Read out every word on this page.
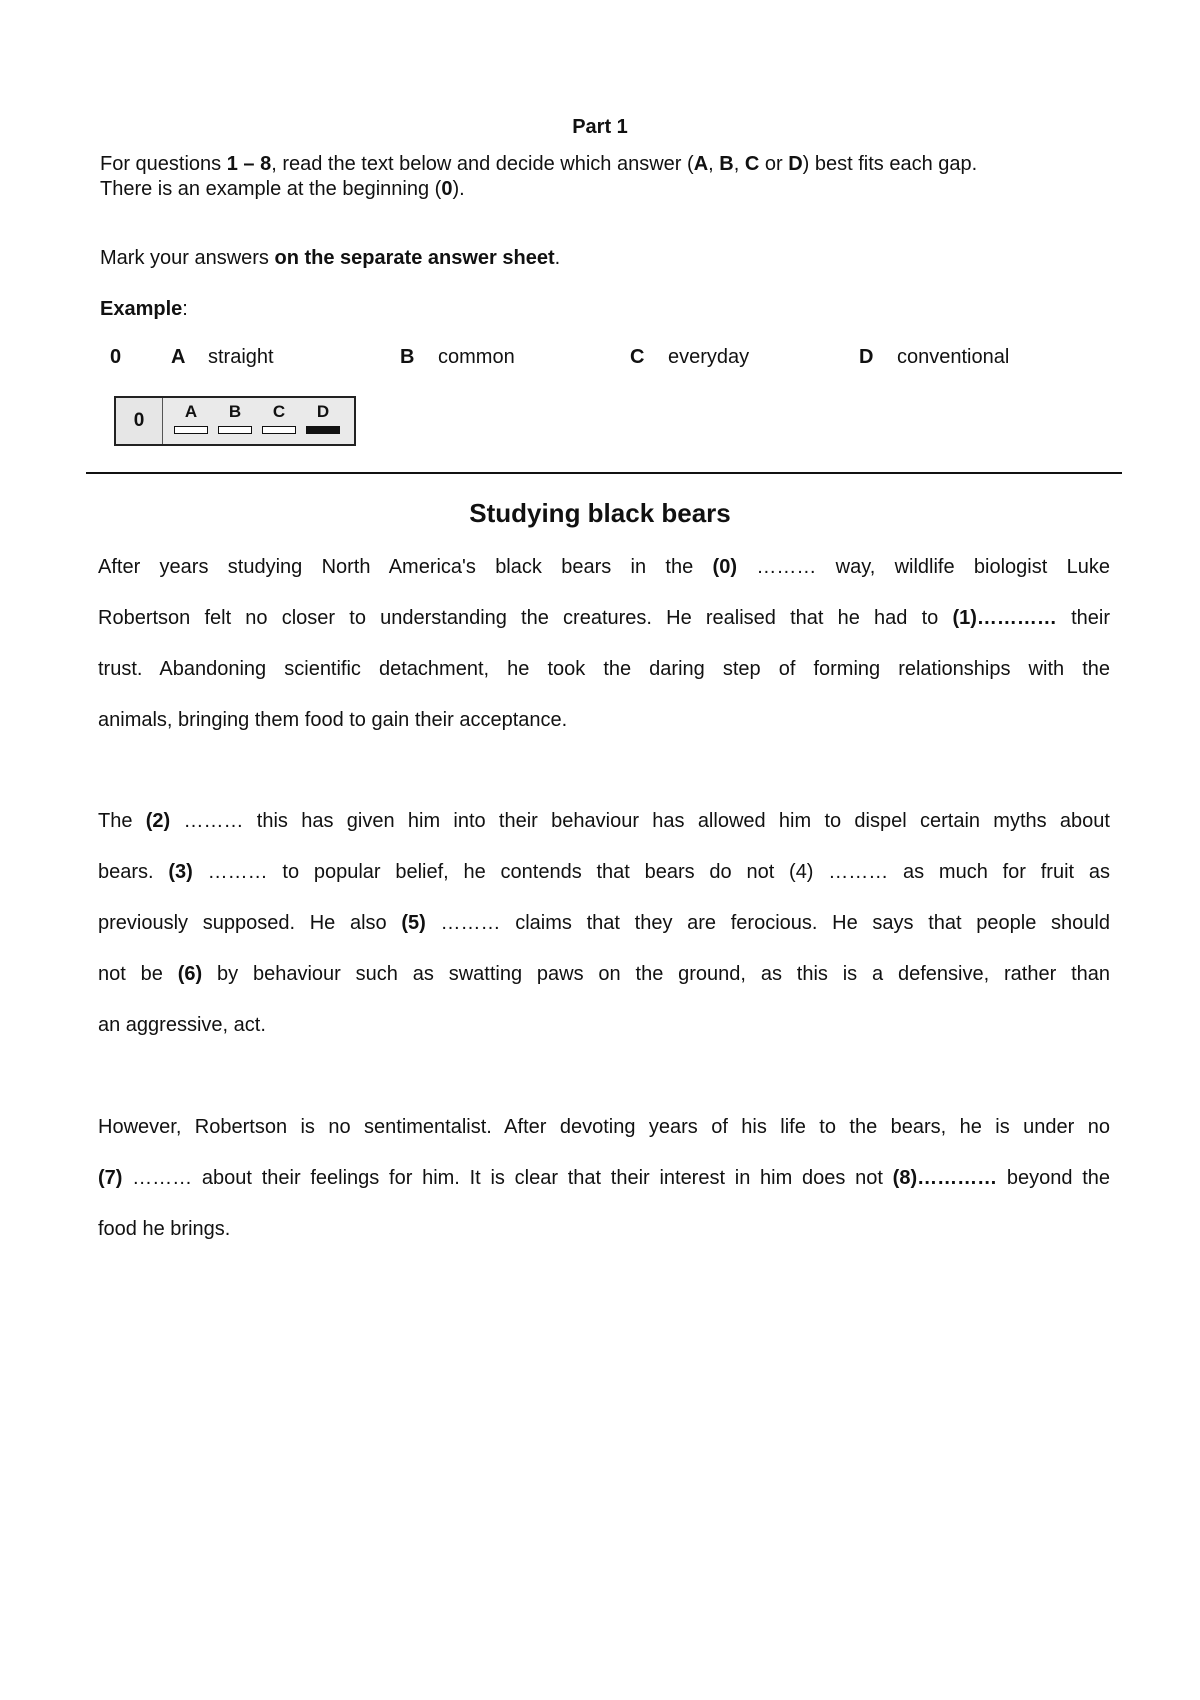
Part 1
For questions 1 – 8, read the text below and decide which answer (A, B, C or D) best fits each gap.
There is an example at the beginning (0).
Mark your answers on the separate answer sheet.
Example:
0 A straight	B common	C everyday	D conventional
0	A	B	C	D
Studying black bears
After years studying North America's black bears in the (0) ……… way, wildlife biologist Luke
Robertson felt no closer to understanding the creatures. He realised that he had to (1)………… their
trust. Abandoning scientific detachment, he took the daring step of forming relationships with the
animals, bringing them food to gain their acceptance.
The (2) ……… this has given him into their behaviour has allowed him to dispel certain myths about
bears. (3) ……… to popular belief, he contends that bears do not (4) ……… as much for fruit as
previously supposed. He also (5) ……… claims that they are ferocious. He says that people should
not be (6) by behaviour such as swatting paws on the ground, as this is a defensive, rather than
an aggressive, act.
However, Robertson is no sentimentalist. After devoting years of his life to the bears, he is under no
(7) ……… about their feelings for him. It is clear that their interest in him does not (8)………… beyond the
food he brings.
